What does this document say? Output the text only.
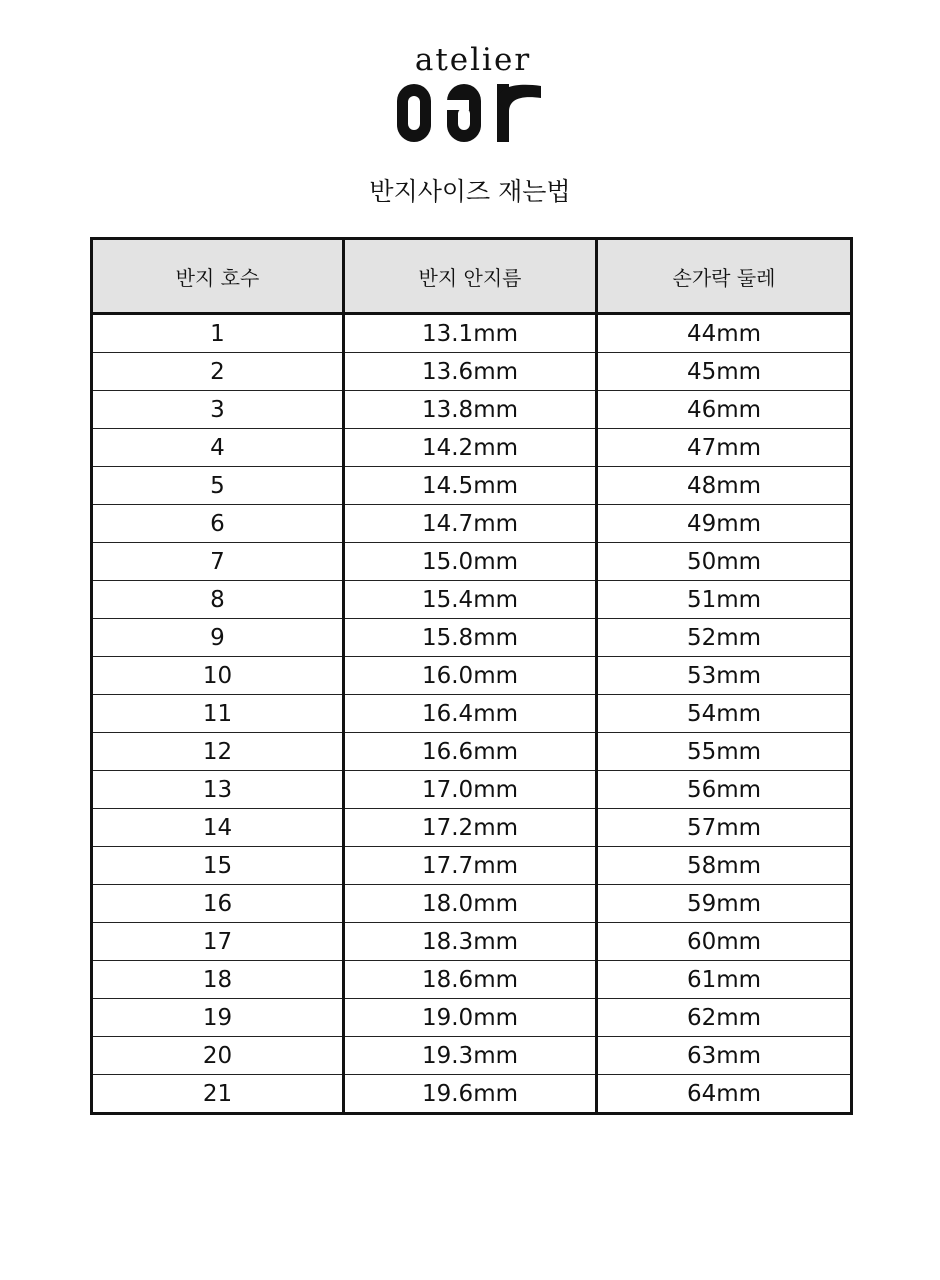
atelier
반지사이즈 재는법
반지 호수	반지 안지름	손가락 둘레
1	13.1mm	44mm
2	13.6mm	45mm
3	13.8mm	46mm
4	14.2mm	47mm
5	14.5mm	48mm
6	14.7mm	49mm
7	15.0mm	50mm
8	15.4mm	51mm
9	15.8mm	52mm
10	16.0mm	53mm
11	16.4mm	54mm
12	16.6mm	55mm
13	17.0mm	56mm
14	17.2mm	57mm
15	17.7mm	58mm
16	18.0mm	59mm
17	18.3mm	60mm
18	18.6mm	61mm
19	19.0mm	62mm
20	19.3mm	63mm
21	19.6mm	64mm
